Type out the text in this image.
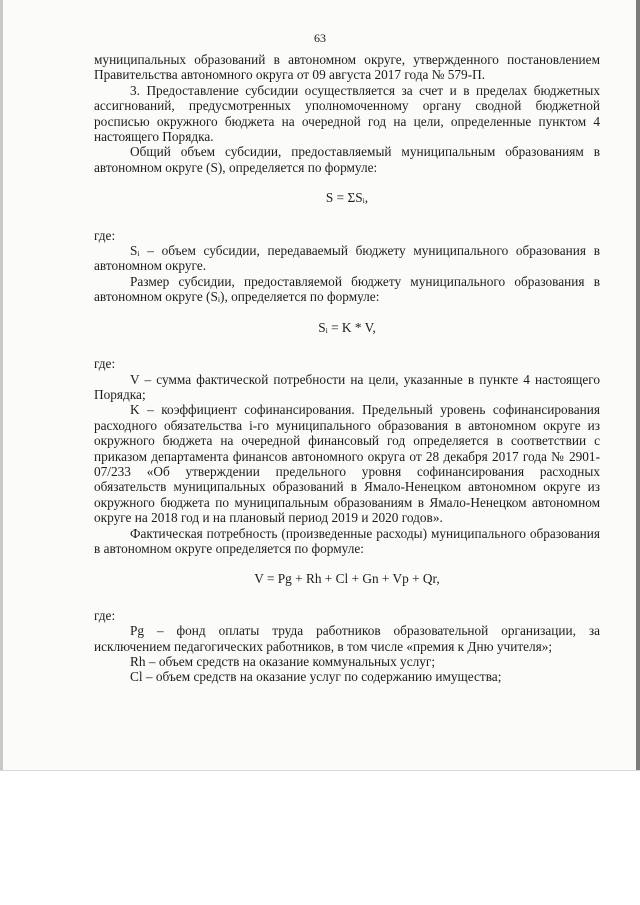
63

муниципальных образований в автономном округе, утвержденного постановлением Правительства автономного округа от 09 августа 2017 года № 579-П.

3. Предоставление субсидии осуществляется за счет и в пределах бюджетных ассигнований, предусмотренных уполномоченному органу сводной бюджетной росписью окружного бюджета на очередной год на цели, определенные пунктом 4 настоящего Порядка.

Общий объем субсидии, предоставляемый муниципальным образованиям в автономном округе (S), определяется по формуле:

S = ΣSᵢ,

где:

Sᵢ – объем субсидии, передаваемый бюджету муниципального образования в автономном округе.

Размер субсидии, предоставляемой бюджету муниципального образования в автономном округе (Sᵢ), определяется по формуле:

Sᵢ = K * V,

где:

V – сумма фактической потребности на цели, указанные в пункте 4 настоящего Порядка;

K – коэффициент софинансирования. Предельный уровень софинансирования расходного обязательства i-го муниципального образования в автономном округе из окружного бюджета на очередной финансовый год определяется в соответствии с приказом департамента финансов автономного округа от 28 декабря 2017 года № 2901-07/233 «Об утверждении предельного уровня софинансирования расходных обязательств муниципальных образований в Ямало-Ненецком автономном округе из окружного бюджета по муниципальным образованиям в Ямало-Ненецком автономном округе на 2018 год и на плановый период 2019 и 2020 годов».

Фактическая потребность (произведенные расходы) муниципального образования в автономном округе определяется по формуле:

V = Pg + Rh + Cl + Gn + Vp + Qr,

где:

Pg – фонд оплаты труда работников образовательной организации, за исключением педагогических работников, в том числе «премия к Дню учителя»;

Rh – объем средств на оказание коммунальных услуг;

Cl – объем средств на оказание услуг по содержанию имущества;
